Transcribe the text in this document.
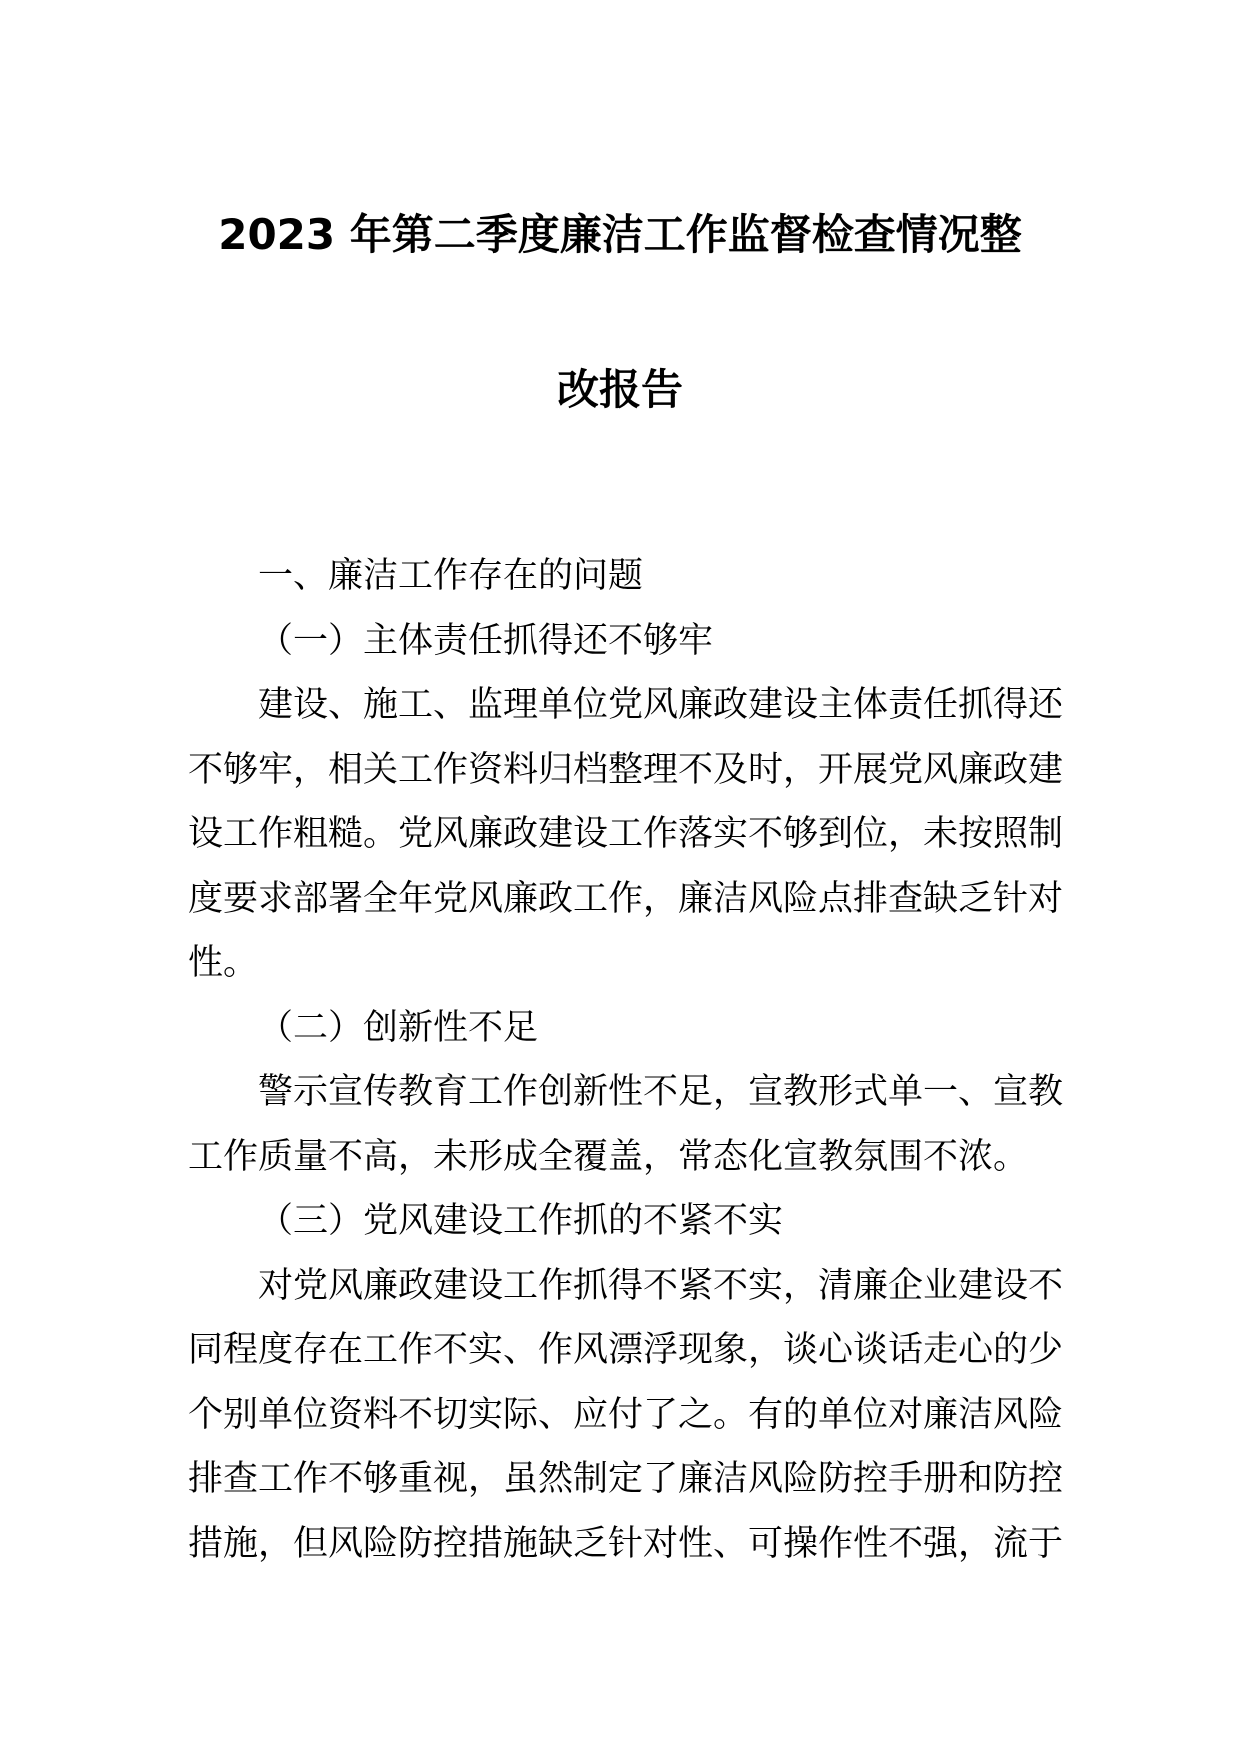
2023 年第二季度廉洁工作监督检查情况整
改报告
一、廉洁工作存在的问题
（一）主体责任抓得还不够牢
建设、施工、监理单位党风廉政建设主体责任抓得还
不够牢，相关工作资料归档整理不及时，开展党风廉政建
设工作粗糙。党风廉政建设工作落实不够到位，未按照制
度要求部署全年党风廉政工作，廉洁风险点排查缺乏针对
性。
（二）创新性不足
警示宣传教育工作创新性不足，宣教形式单一、宣教
工作质量不高，未形成全覆盖，常态化宣教氛围不浓。
（三）党风建设工作抓的不紧不实
对党风廉政建设工作抓得不紧不实，清廉企业建设不
同程度存在工作不实、作风漂浮现象，谈心谈话走心的少
个别单位资料不切实际、应付了之。有的单位对廉洁风险
排查工作不够重视，虽然制定了廉洁风险防控手册和防控
措施，但风险防控措施缺乏针对性、可操作性不强，流于
